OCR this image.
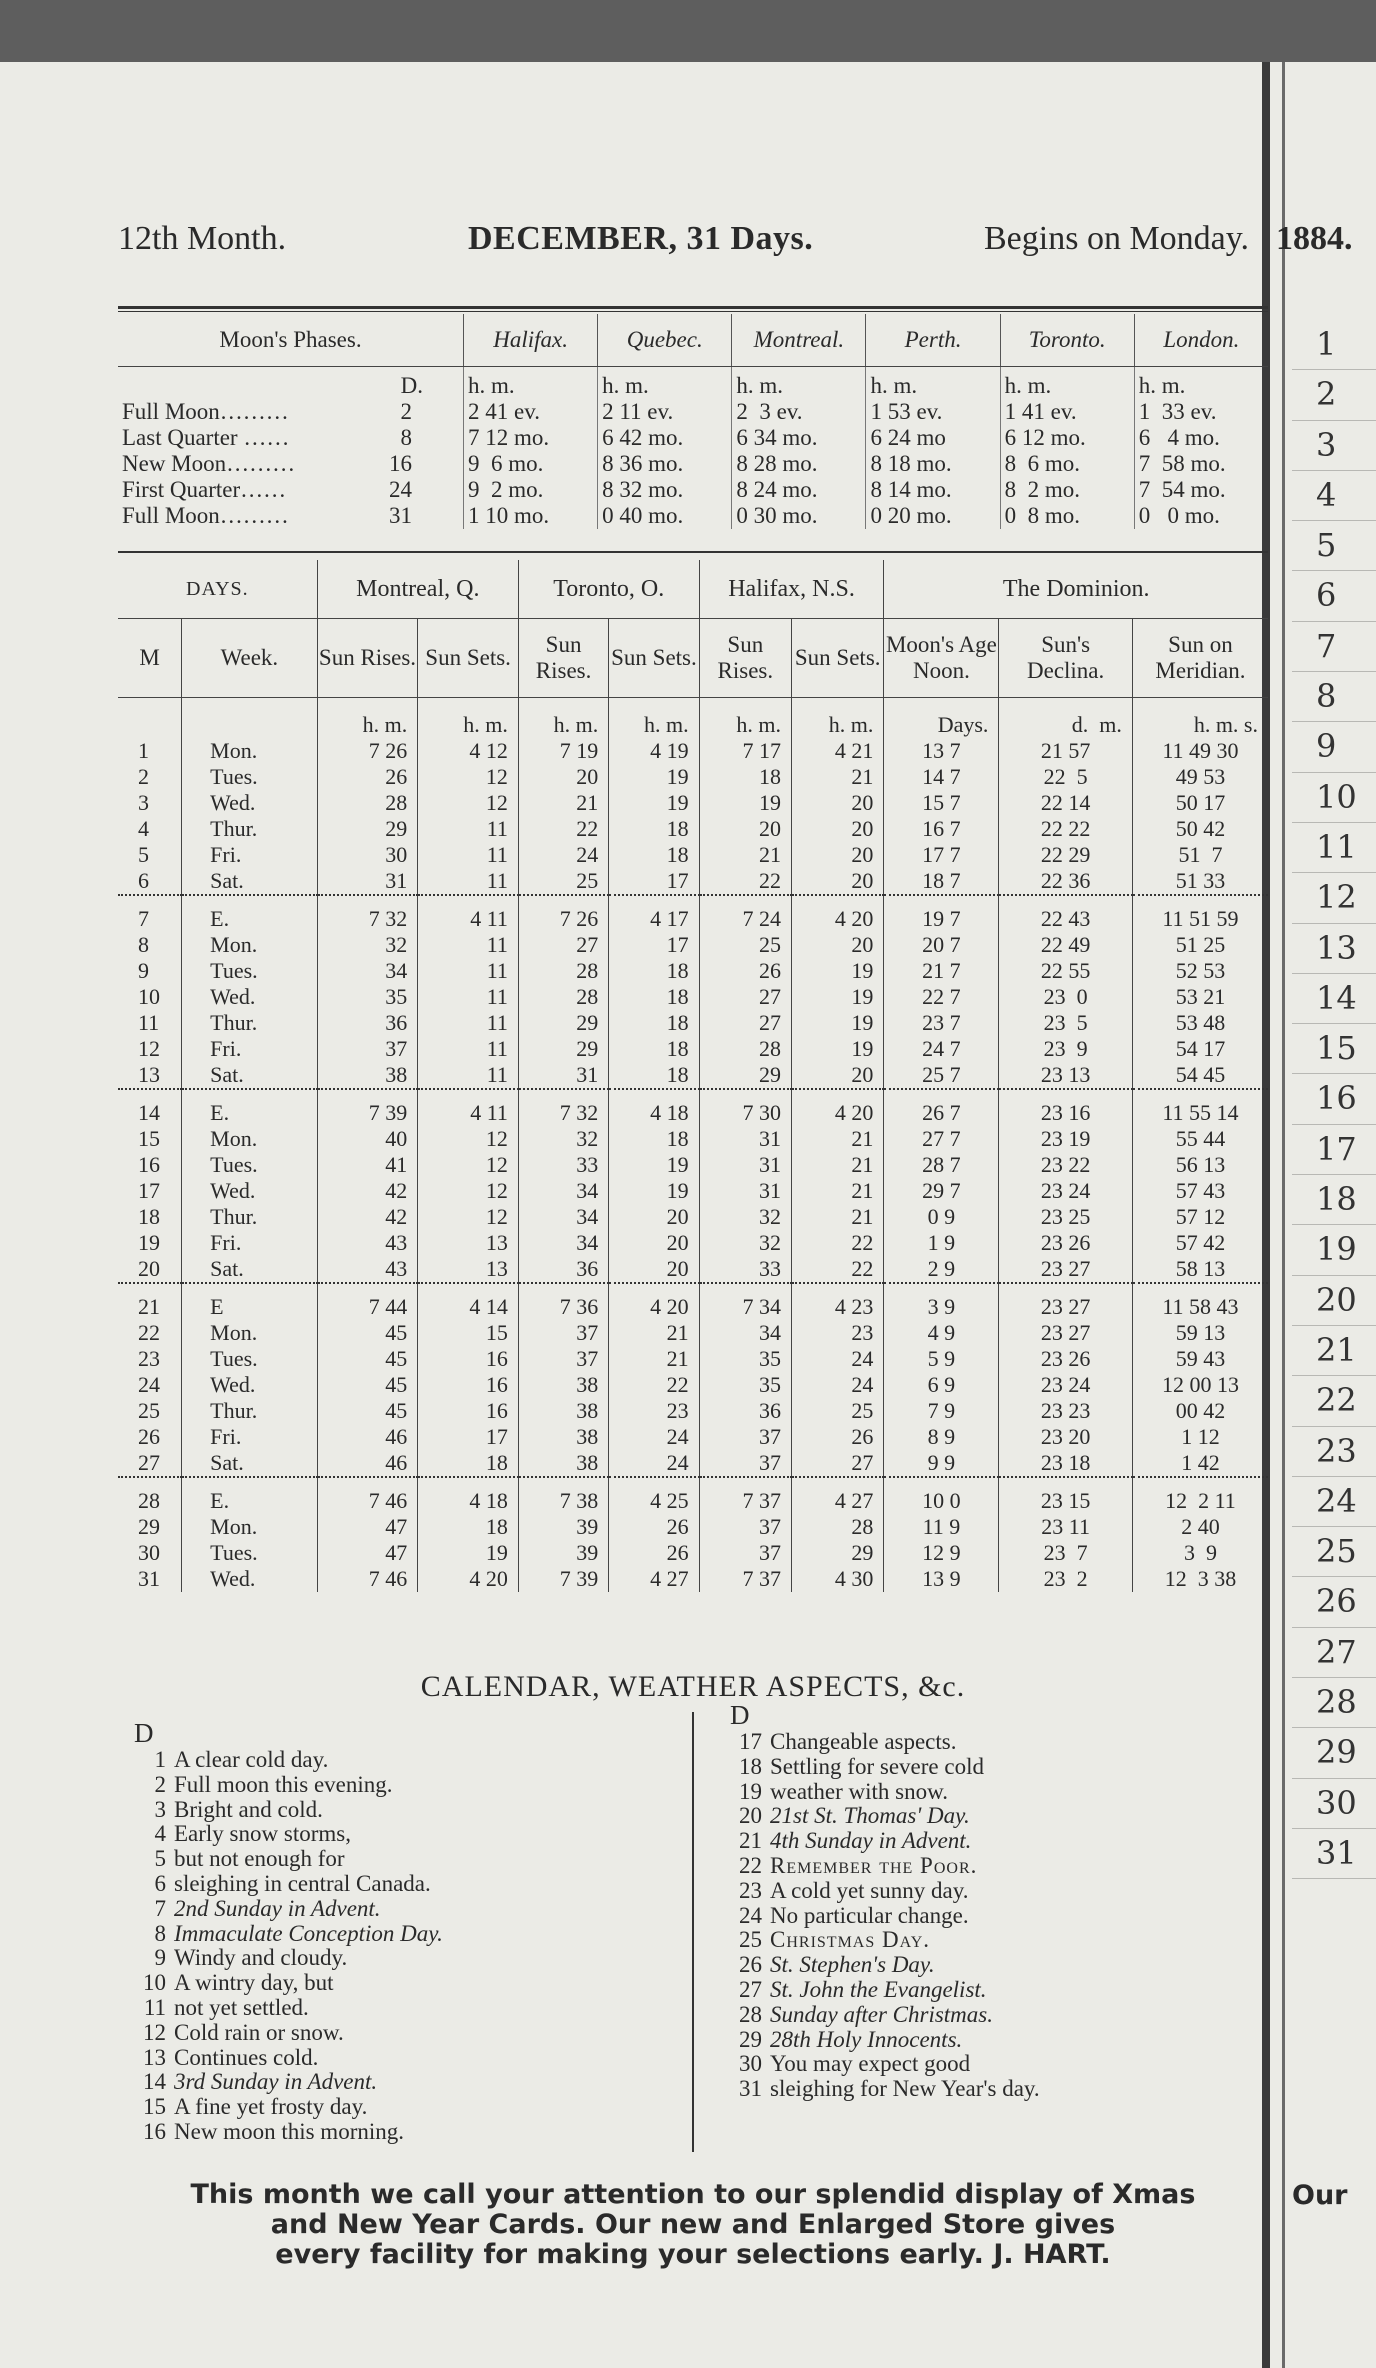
12th Month.	DECEMBER, 31 Days.	Begins on Monday. 1884.
Moon's Phases.	Halifax.	Quebec.	Montreal.	Perth.	Toronto.	London.
D.	h. m.	h. m.	h. m.	h. m.	h. m.	h. m.
Full Moon……… 2	2 41 ev.	2 11 ev.	2  3 ev.	1 53 ev.	1 41 ev.	1  33 ev.
Last Quarter …… 8	7 12 mo.	6 42 mo.	6 34 mo.	6 24 mo	6 12 mo.	6   4 mo.
New Moon……… 16	9  6 mo.	8 36 mo.	8 28 mo.	8 18 mo.	8  6 mo.	7  58 mo.
First Quarter…… 24	9  2 mo.	8 32 mo.	8 24 mo.	8 14 mo.	8  2 mo.	7  54 mo.
Full Moon……… 31	1 10 mo.	0 40 mo.	0 30 mo.	0 20 mo.	0  8 mo.	0   0 mo.
DAYS.		Montreal, Q.		Toronto, O.		Halifax, N.S.		The Dominion.		
M	Week.	Sun Rises.	Sun Sets.	Sun Rises.	Sun Sets.	Sun Rises.	Sun Sets.	Moon's Age Noon.	Sun's Declina.	Sun on Meridian.
		h. m.	h. m.	h. m.	h. m.	h. m.	h. m.	Days.	d.  m.	h. m. s.
1	Mon.	7 26	4 12	7 19	4 19	7 17	4 21	13 7	21 57	11 49 30
2	Tues.	26	12	20	19	18	21	14 7	22  5	49 53
3	Wed.	28	12	21	19	19	20	15 7	22 14	50 17
4	Thur.	29	11	22	18	20	20	16 7	22 22	50 42
5	Fri.	30	11	24	18	21	20	17 7	22 29	51  7
6	Sat.	31	11	25	17	22	20	18 7	22 36	51 33
7	E.	7 32	4 11	7 26	4 17	7 24	4 20	19 7	22 43	11 51 59
8	Mon.	32	11	27	17	25	20	20 7	22 49	51 25
9	Tues.	34	11	28	18	26	19	21 7	22 55	52 53
10	Wed.	35	11	28	18	27	19	22 7	23  0	53 21
11	Thur.	36	11	29	18	27	19	23 7	23  5	53 48
12	Fri.	37	11	29	18	28	19	24 7	23  9	54 17
13	Sat.	38	11	31	18	29	20	25 7	23 13	54 45
14	E.	7 39	4 11	7 32	4 18	7 30	4 20	26 7	23 16	11 55 14
15	Mon.	40	12	32	18	31	21	27 7	23 19	55 44
16	Tues.	41	12	33	19	31	21	28 7	23 22	56 13
17	Wed.	42	12	34	19	31	21	29 7	23 24	57 43
18	Thur.	42	12	34	20	32	21	0 9	23 25	57 12
19	Fri.	43	13	34	20	32	22	1 9	23 26	57 42
20	Sat.	43	13	36	20	33	22	2 9	23 27	58 13
21	E	7 44	4 14	7 36	4 20	7 34	4 23	3 9	23 27	11 58 43
22	Mon.	45	15	37	21	34	23	4 9	23 27	59 13
23	Tues.	45	16	37	21	35	24	5 9	23 26	59 43
24	Wed.	45	16	38	22	35	24	6 9	23 24	12 00 13
25	Thur.	45	16	38	23	36	25	7 9	23 23	00 42
26	Fri.	46	17	38	24	37	26	8 9	23 20	1 12
27	Sat.	46	18	38	24	37	27	9 9	23 18	1 42
28	E.	7 46	4 18	7 38	4 25	7 37	4 27	10 0	23 15	12  2 11
29	Mon.	47	18	39	26	37	28	11 9	23 11	2 40
30	Tues.	47	19	39	26	37	29	12 9	23  7	3  9
31	Wed.	7 46	4 20	7 39	4 27	7 37	4 30	13 9	23  2	12  3 38
CALENDAR, WEATHER ASPECTS, &c.
D
1 A clear cold day.
2 Full moon this evening.
3 Bright and cold.
4 Early snow storms,
5 but not enough for
6 sleighing in central Canada.
7 2nd Sunday in Advent.
8 Immaculate Conception Day.
9 Windy and cloudy.
10 A wintry day, but
11 not yet settled.
12 Cold rain or snow.
13 Continues cold.
14 3rd Sunday in Advent.
15 A fine yet frosty day.
16 New moon this morning.
D
17 Changeable aspects.
18 Settling for severe cold
19 weather with snow.
20 21st St. Thomas' Day.
21 4th Sunday in Advent.
22 Remember the Poor.
23 A cold yet sunny day.
24 No particular change.
25 Christmas Day.
26 St. Stephen's Day.
27 St. John the Evangelist.
28 Sunday after Christmas.
29 28th Holy Innocents.
30 You may expect good
31 sleighing for New Year's day.
This month we call your attention to our splendid display of Xmas
and New Year Cards. Our new and Enlarged Store gives
every facility for making your selections early. J. HART.
Our
1
2
3
4
5
6
7
8
9
10
11
12
13
14
15
16
17
18
19
20
21
22
23
24
25
26
27
28
29
30
31
